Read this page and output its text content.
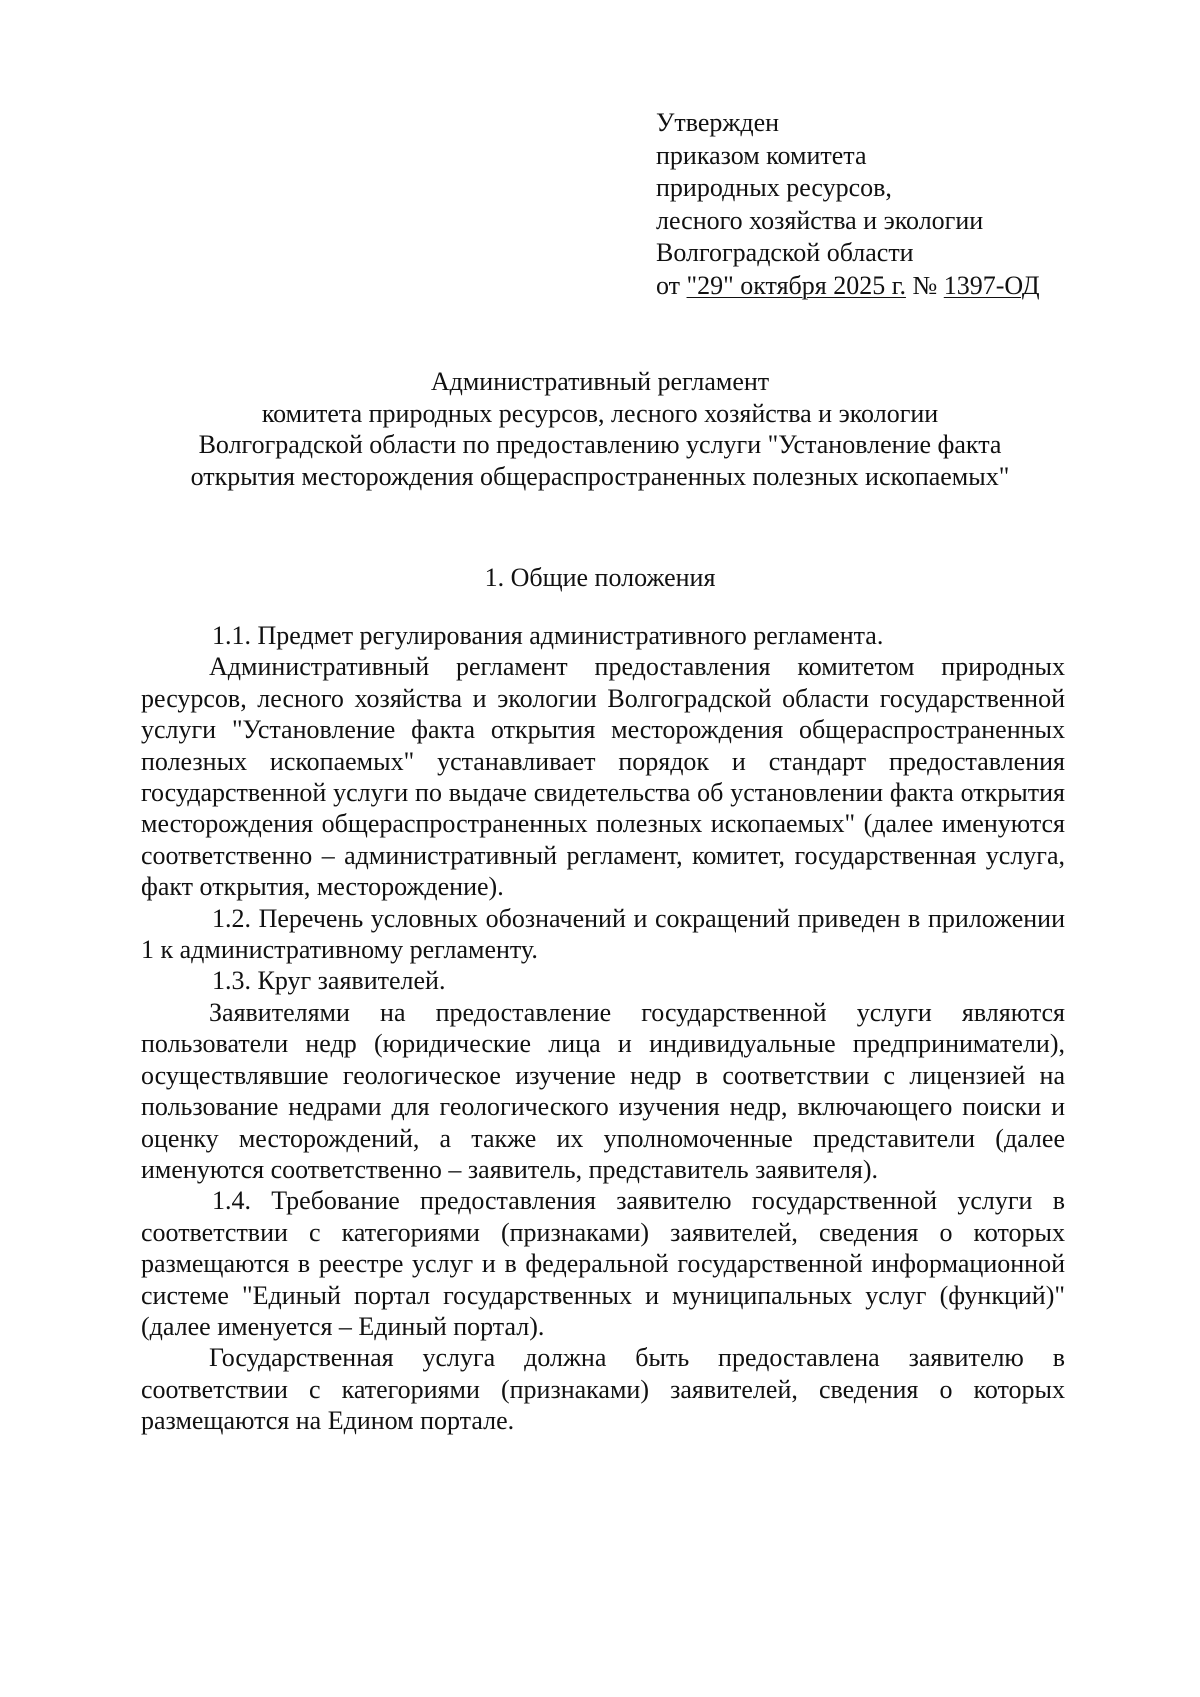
Утвержден
приказом комитета
природных ресурсов,
лесного хозяйства и экологии
Волгоградской области
от "29" октября 2025 г. № 1397-ОД
Административный регламент
комитета природных ресурсов, лесного хозяйства и экологии
Волгоградской области по предоставлению услуги "Установление факта
открытия месторождения общераспространенных полезных ископаемых"
1. Общие положения

1.1. Предмет регулирования административного регламента.

Административный регламент предоставления комитетом природных ресурсов, лесного хозяйства и экологии Волгоградской области государственной услуги "Установление факта открытия месторождения общераспространенных полезных ископаемых" устанавливает порядок и стандарт предоставления государственной услуги по выдаче свидетельства об установлении факта открытия месторождения общераспространенных полезных ископаемых" (далее именуются соответственно – административный регламент, комитет, государственная услуга, факт открытия, месторождение).

1.2. Перечень условных обозначений и сокращений приведен в приложении 1 к административному регламенту.

1.3. Круг заявителей.

Заявителями на предоставление государственной услуги являются пользователи недр (юридические лица и индивидуальные предприниматели), осуществлявшие геологическое изучение недр в соответствии с лицензией на пользование недрами для геологического изучения недр, включающего поиски и оценку месторождений, а также их уполномоченные представители (далее именуются соответственно – заявитель, представитель заявителя).

1.4. Требование предоставления заявителю государственной услуги в соответствии с категориями (признаками) заявителей, сведения о которых размещаются в реестре услуг и в федеральной государственной информационной системе "Единый портал государственных и муниципальных услуг (функций)" (далее именуется – Единый портал).

Государственная услуга должна быть предоставлена заявителю в соответствии с категориями (признаками) заявителей, сведения о которых размещаются на Едином портале.
